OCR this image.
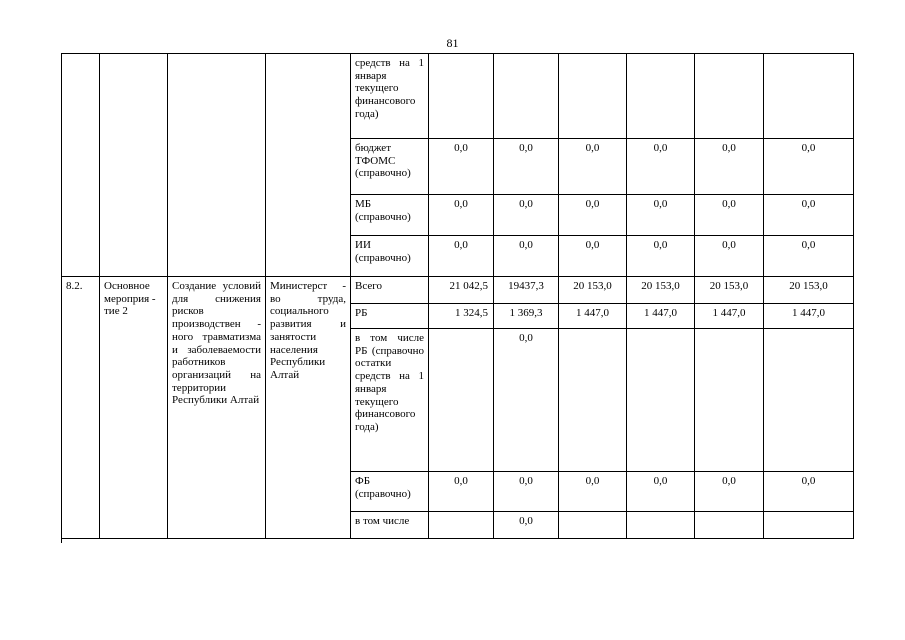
81
				средств на 1 января текущего финансового года)						
				бюджет ТФОМС (справочно)	0,0	0,0	0,0	0,0	0,0	0,0
				МБ (справочно)	0,0	0,0	0,0	0,0	0,0	0,0
				ИИ (справочно)	0,0	0,0	0,0	0,0	0,0	0,0
8.2.	Основное мероприя - тие 2	Создание условий для снижения рисков производствен - ного травматизма и заболеваемости работников организаций на территории Республики Алтай	Министерст - во труда, социального развития и занятости населения Республики Алтай	Всего	21 042,5	19437,3	20 153,0	20 153,0	20 153,0	20 153,0
				РБ	1 324,5	1 369,3	1 447,0	1 447,0	1 447,0	1 447,0
				в том числе РБ (справочно остатки средств на 1 января текущего финансового года)		0,0				
				ФБ (справочно)	0,0	0,0	0,0	0,0	0,0	0,0
				в том числе		0,0				
